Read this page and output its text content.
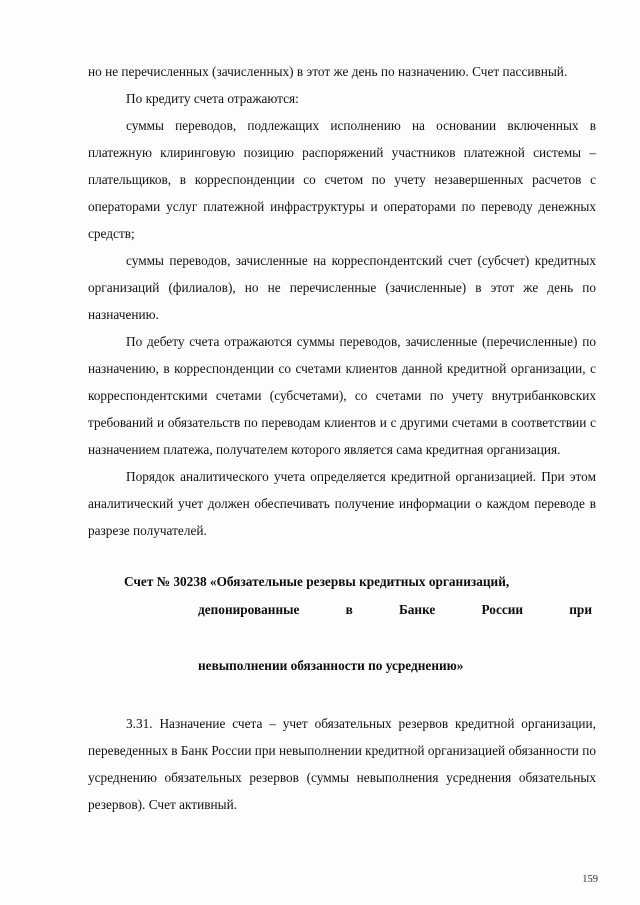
но не перечисленных (зачисленных) в этот же день по назначению. Счет пассивный.

По кредиту счета отражаются:

суммы переводов, подлежащих исполнению на основании включенных в платежную клиринговую позицию распоряжений участников платежной системы – плательщиков, в корреспонденции со счетом по учету незавершенных расчетов с операторами услуг платежной инфраструктуры и операторами по переводу денежных средств;

суммы переводов, зачисленные на корреспондентский счет (субсчет) кредитных организаций (филиалов), но не перечисленные (зачисленные) в этот же день по назначению.

По дебету счета отражаются суммы переводов, зачисленные (перечисленные) по назначению, в корреспонденции со счетами клиентов данной кредитной организации, с корреспондентскими счетами (субсчетами), со счетами по учету внутрибанковских требований и обязательств по переводам клиентов и с другими счетами в соответствии с назначением платежа, получателем которого является сама кредитная организация.

Порядок аналитического учета определяется кредитной организацией. При этом аналитический учет должен обеспечивать получение информации о каждом переводе в разрезе получателей.

Счет № 30238 «Обязательные резервы кредитных организаций,
депонированные в Банке России при
невыполнении обязанности по усреднению»

3.31. Назначение счета – учет обязательных резервов кредитной организации, переведенных в Банк России при невыполнении кредитной организацией обязанности по усреднению обязательных резервов (суммы невыполнения усреднения обязательных резервов). Счет активный.

159
